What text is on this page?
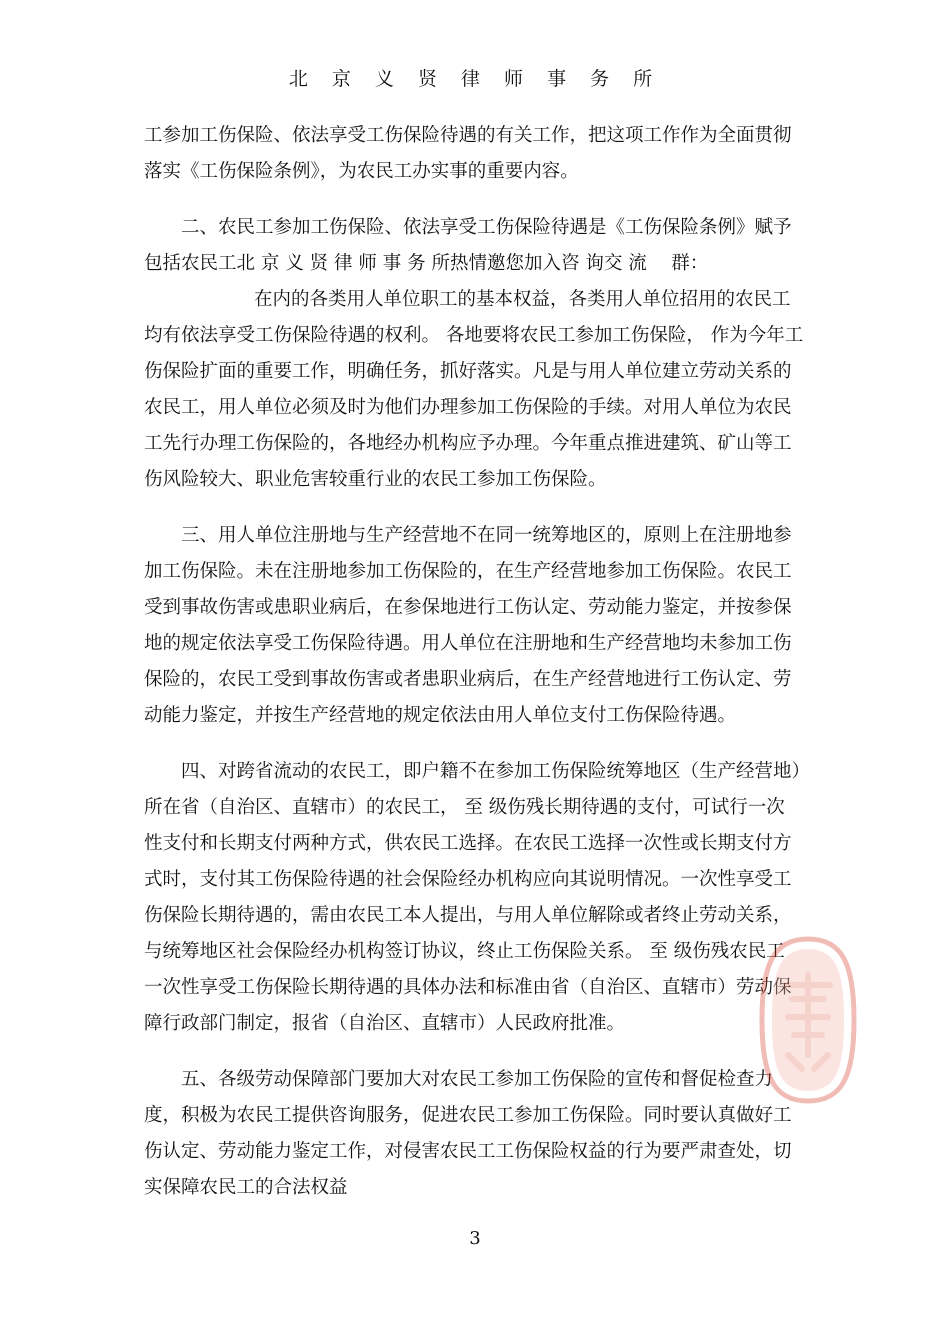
北 京 义 贤 律 师 事 务 所
工参加工伤保险、依法享受工伤保险待遇的有关工作，把这项工作作为全面贯彻
落实《工伤保险条例》，为农民工办实事的重要内容。
二、农民工参加工伤保险、依法享受工伤保险待遇是《工伤保险条例》赋予
包括农民工北 京 义 贤 律 师 事 务 所热情邀您加入咨 询交 流　 群：
在内的各类用人单位职工的基本权益，各类用人单位招用的农民工
均有依法享受工伤保险待遇的权利。 各地要将农民工参加工伤保险， 作为今年工
伤保险扩面的重要工作，明确任务，抓好落实。凡是与用人单位建立劳动关系的
农民工，用人单位必须及时为他们办理参加工伤保险的手续。对用人单位为农民
工先行办理工伤保险的，各地经办机构应予办理。今年重点推进建筑、矿山等工
伤风险较大、职业危害较重行业的农民工参加工伤保险。
三、用人单位注册地与生产经营地不在同一统筹地区的，原则上在注册地参
加工伤保险。未在注册地参加工伤保险的，在生产经营地参加工伤保险。农民工
受到事故伤害或患职业病后，在参保地进行工伤认定、劳动能力鉴定，并按参保
地的规定依法享受工伤保险待遇。用人单位在注册地和生产经营地均未参加工伤
保险的，农民工受到事故伤害或者患职业病后，在生产经营地进行工伤认定、劳
动能力鉴定，并按生产经营地的规定依法由用人单位支付工伤保险待遇。
四、对跨省流动的农民工，即户籍不在参加工伤保险统筹地区（生产经营地）
所在省（自治区、直辖市）的农民工， 至 级伤残长期待遇的支付，可试行一次
性支付和长期支付两种方式，供农民工选择。在农民工选择一次性或长期支付方
式时，支付其工伤保险待遇的社会保险经办机构应向其说明情况。一次性享受工
伤保险长期待遇的，需由农民工本人提出，与用人单位解除或者终止劳动关系，
与统筹地区社会保险经办机构签订协议，终止工伤保险关系。 至 级伤残农民工
一次性享受工伤保险长期待遇的具体办法和标准由省（自治区、直辖市）劳动保
障行政部门制定，报省（自治区、直辖市）人民政府批准。
五、各级劳动保障部门要加大对农民工参加工伤保险的宣传和督促检查力
度，积极为农民工提供咨询服务，促进农民工参加工伤保险。同时要认真做好工
伤认定、劳动能力鉴定工作，对侵害农民工工伤保险权益的行为要严肃查处，切
实保障农民工的合法权益
3
